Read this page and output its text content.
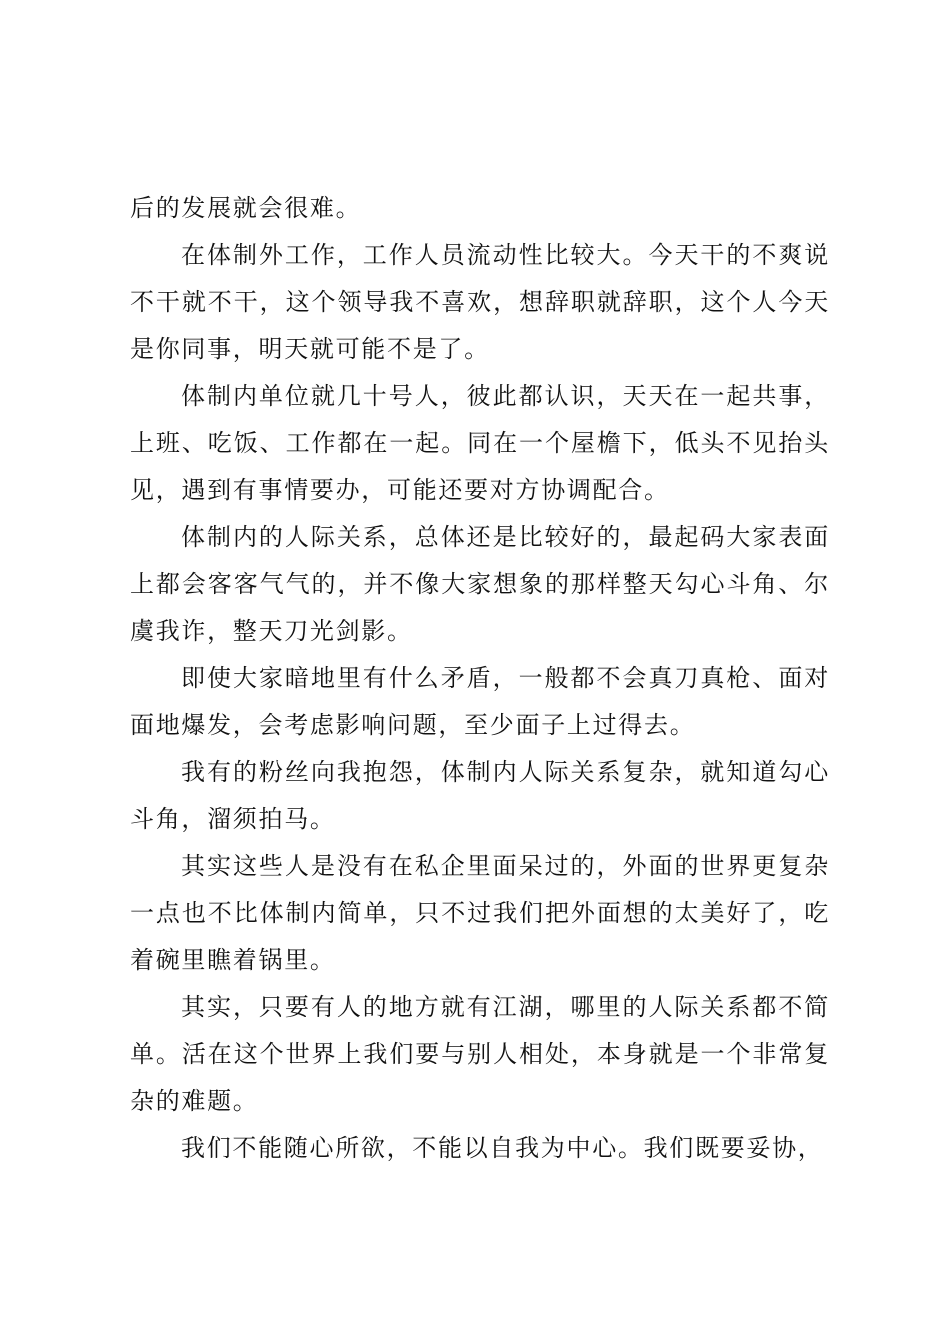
后的发展就会很难。

在体制外工作，工作人员流动性比较大。今天干的不爽说不干就不干，这个领导我不喜欢，想辞职就辞职，这个人今天是你同事，明天就可能不是了。

体制内单位就几十号人，彼此都认识，天天在一起共事，上班、吃饭、工作都在一起。同在一个屋檐下，低头不见抬头见，遇到有事情要办，可能还要对方协调配合。

体制内的人际关系，总体还是比较好的，最起码大家表面上都会客客气气的，并不像大家想象的那样整天勾心斗角、尔虞我诈，整天刀光剑影。

即使大家暗地里有什么矛盾，一般都不会真刀真枪、面对面地爆发，会考虑影响问题，至少面子上过得去。

我有的粉丝向我抱怨，体制内人际关系复杂，就知道勾心斗角，溜须拍马。

其实这些人是没有在私企里面呆过的，外面的世界更复杂一点也不比体制内简单，只不过我们把外面想的太美好了，吃着碗里瞧着锅里。

其实，只要有人的地方就有江湖，哪里的人际关系都不简单。活在这个世界上我们要与别人相处，本身就是一个非常复杂的难题。

我们不能随心所欲，不能以自我为中心。我们既要妥协，
